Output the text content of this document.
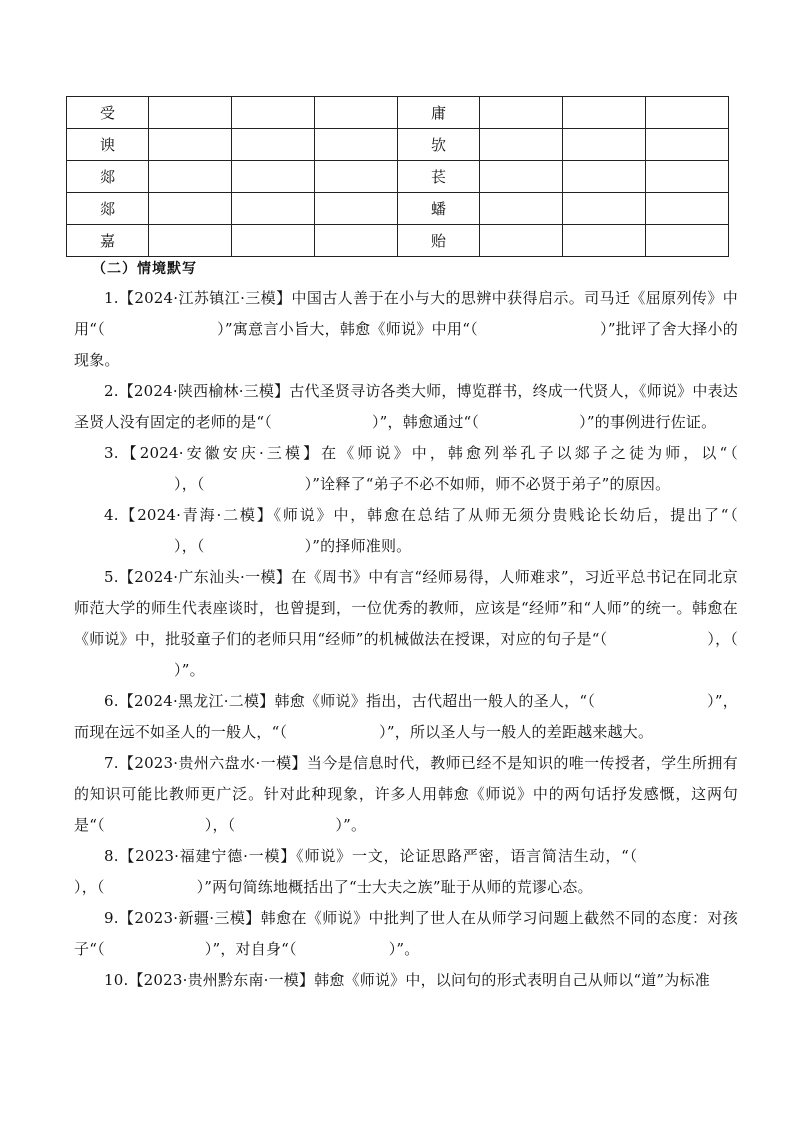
受				庸			
谀				欤			
郯				苌			
郯				蟠			
嘉				贻			
（二）情境默写

1.【2024·江苏镇江·三模】中国古人善于在小与大的思辨中获得启示。司马迁《屈原列传》中用“（	）”寓意言小旨大，韩愈《师说》中用“（	）”批评了舍大择小的现象。

2.【2024·陕西榆林·三模】古代圣贤寻访各类大师，博览群书，终成一代贤人，《师说》中表达圣贤人没有固定的老师的是“（	）”，韩愈通过“（	）”的事例进行佐证。

3.【2024·安徽安庆·三模】在《师说》中，韩愈列举孔子以郯子之徒为师，以“（），（	）”诠释了“弟子不必不如师，师不必贤于弟子”的原因。

4.【2024·青海·二模】《师说》中，韩愈在总结了从师无须分贵贱论长幼后，提出了“（），（	）”的择师准则。

5.【2024·广东汕头·一模】在《周书》中有言“经师易得，人师难求”，习近平总书记在同北京师范大学的师生代表座谈时，也曾提到，一位优秀的教师，应该是“经师”和“人师”的统一。韩愈在《师说》中，批驳童子们的老师只用“经师”的机械做法在授课，对应的句子是“（	），（）”。

6.【2024·黑龙江·二模】韩愈《师说》指出，古代超出一般人的圣人，“（	）”，而现在远不如圣人的一般人，“（	）”，所以圣人与一般人的差距越来越大。

7.【2023·贵州六盘水·一模】当今是信息时代，教师已经不是知识的唯一传授者，学生所拥有的知识可能比教师更广泛。针对此种现象，许多人用韩愈《师说》中的两句话抒发感慨，这两句是“（	），（	）”。

8.【2023·福建宁德·一模】《师说》一文，论证思路严密，语言简洁生动，“（），（	）”两句简练地概括出了“士大夫之族”耻于从师的荒谬心态。

9.【2023·新疆·三模】韩愈在《师说》中批判了世人在从师学习问题上截然不同的态度：对孩子“（	）”，对自身“（	）”。

10.【2023·贵州黔东南·一模】韩愈《师说》中，以问句的形式表明自己从师以“道”为标准
